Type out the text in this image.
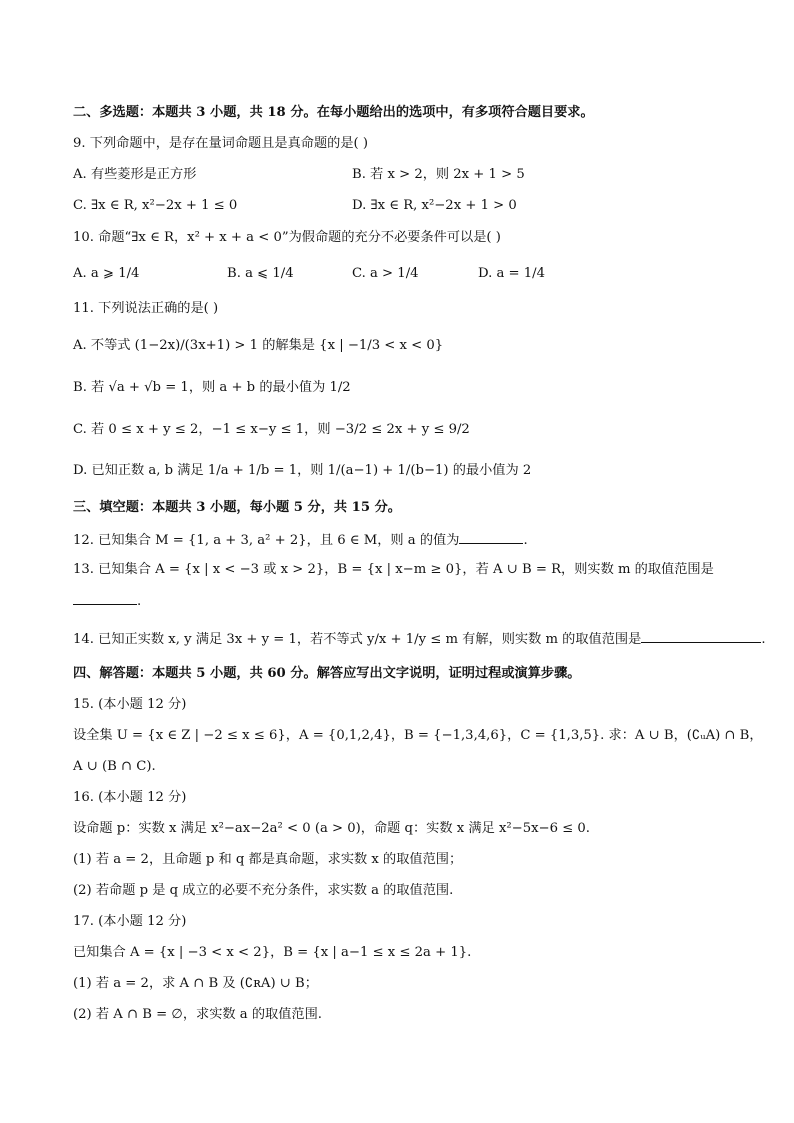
二、多选题：本题共 3 小题，共 18 分。在每小题给出的选项中，有多项符合题目要求。
9. 下列命题中，是存在量词命题且是真命题的是( )
A. 有些菱形是正方形	B. 若 x > 2，则 2x + 1 > 5
C. ∃x ∈ R, x²−2x + 1 ≤ 0	D. ∃x ∈ R, x²−2x + 1 > 0
10. 命题“∃x ∈ R，x² + x + a < 0”为假命题的充分不必要条件可以是( )
A. a ⩾ 1/4	B. a ⩽ 1/4	C. a > 1/4	D. a = 1/4
11. 下列说法正确的是( )
A. 不等式 (1−2x)/(3x+1) > 1 的解集是 {x | −1/3 < x < 0}
B. 若 √a + √b = 1，则 a + b 的最小值为 1/2
C. 若 0 ≤ x + y ≤ 2，−1 ≤ x−y ≤ 1，则 −3/2 ≤ 2x + y ≤ 9/2
D. 已知正数 a, b 满足 1/a + 1/b = 1，则 1/(a−1) + 1/(b−1) 的最小值为 2
三、填空题：本题共 3 小题，每小题 5 分，共 15 分。
12. 已知集合 M = {1, a + 3, a² + 2}，且 6 ∈ M，则 a 的值为	.
13. 已知集合 A = {x | x < −3 或 x > 2}，B = {x | x−m ≥ 0}，若 A ∪ B = R，则实数 m 的取值范围是
.
14. 已知正实数 x, y 满足 3x + y = 1，若不等式 y/x + 1/y ≤ m 有解，则实数 m 的取值范围是	.
四、解答题：本题共 5 小题，共 60 分。解答应写出文字说明，证明过程或演算步骤。
15. (本小题 12 分)
设全集 U = {x ∈ Z | −2 ≤ x ≤ 6}，A = {0,1,2,4}，B = {−1,3,4,6}，C = {1,3,5}. 求：A ∪ B，(∁ᵤA) ∩ B，
A ∪ (B ∩ C).
16. (本小题 12 分)
设命题 p：实数 x 满足 x²−ax−2a² < 0 (a > 0)，命题 q：实数 x 满足 x²−5x−6 ≤ 0.
(1) 若 a = 2，且命题 p 和 q 都是真命题，求实数 x 的取值范围；
(2) 若命题 p 是 q 成立的必要不充分条件，求实数 a 的取值范围.
17. (本小题 12 分)
已知集合 A = {x | −3 < x < 2}，B = {x | a−1 ≤ x ≤ 2a + 1}.
(1) 若 a = 2，求 A ∩ B 及 (∁ʀA) ∪ B；
(2) 若 A ∩ B = ∅，求实数 a 的取值范围.
